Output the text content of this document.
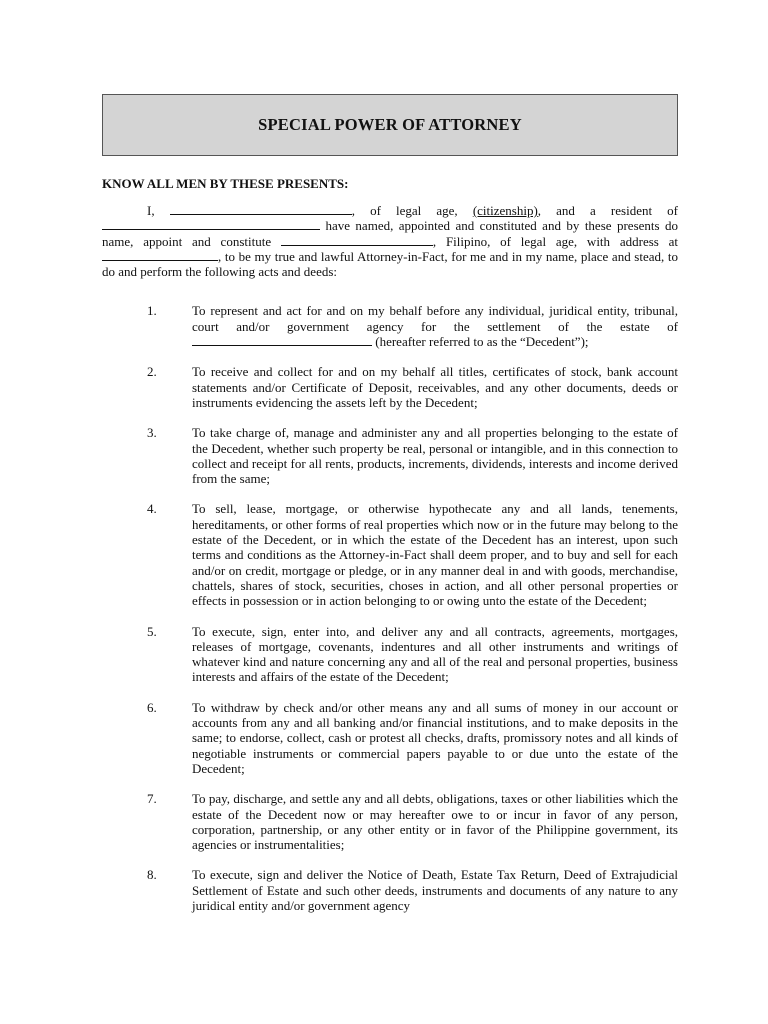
SPECIAL POWER OF ATTORNEY

KNOW ALL MEN BY THESE PRESENTS:

I,	, of legal age, (citizenship), and a resident of  have named, appointed and constituted and by these presents do name, appoint and constitute	, Filipino, of legal age, with address at , to be my true and lawful Attorney-in-Fact, for me and in my name, place and stead, to do and perform the following acts and deeds:

1.	To represent and act for and on my behalf before any individual, juridical entity, tribunal, court and/or government agency for the settlement of the estate of  (hereafter referred to as the “Decedent”);
2.	To receive and collect for and on my behalf all titles, certificates of stock, bank account statements and/or Certificate of Deposit, receivables, and any other documents, deeds or instruments evidencing the assets left by the Decedent;
3.	To take charge of, manage and administer any and all properties belonging to the estate of the Decedent, whether such property be real, personal or intangible, and in this connection to collect and receipt for all rents, products, increments, dividends, interests and income derived from the same;
4.	To sell, lease, mortgage, or otherwise hypothecate any and all lands, tenements, hereditaments, or other forms of real properties which now or in the future may belong to the estate of the Decedent, or in which the estate of the Decedent has an interest, upon such terms and conditions as the Attorney-in-Fact shall deem proper, and to buy and sell for each and/or on credit, mortgage or pledge, or in any manner deal in and with goods, merchandise, chattels, shares of stock, securities, choses in action, and all other personal properties or effects in possession or in action belonging to or owing unto the estate of the Decedent;
5.	To execute, sign, enter into, and deliver any and all contracts, agreements, mortgages, releases of mortgage, covenants, indentures and all other instruments and writings of whatever kind and nature concerning any and all of the real and personal properties, business interests and affairs of the estate of the Decedent;
6.	To withdraw by check and/or other means any and all sums of money in our account or accounts from any and all banking and/or financial institutions, and to make deposits in the same; to endorse, collect, cash or protest all checks, drafts, promissory notes and all kinds of negotiable instruments or commercial papers payable to or due unto the estate of the Decedent;
7.	To pay, discharge, and settle any and all debts, obligations, taxes or other liabilities which the estate of the Decedent now or may hereafter owe to or incur in favor of any person, corporation, partnership, or any other entity or in favor of the Philippine government, its agencies or instrumentalities;
8.	To execute, sign and deliver the Notice of Death, Estate Tax Return, Deed of Extrajudicial Settlement of Estate and such other deeds, instruments and documents of any nature to any juridical entity and/or government agency
